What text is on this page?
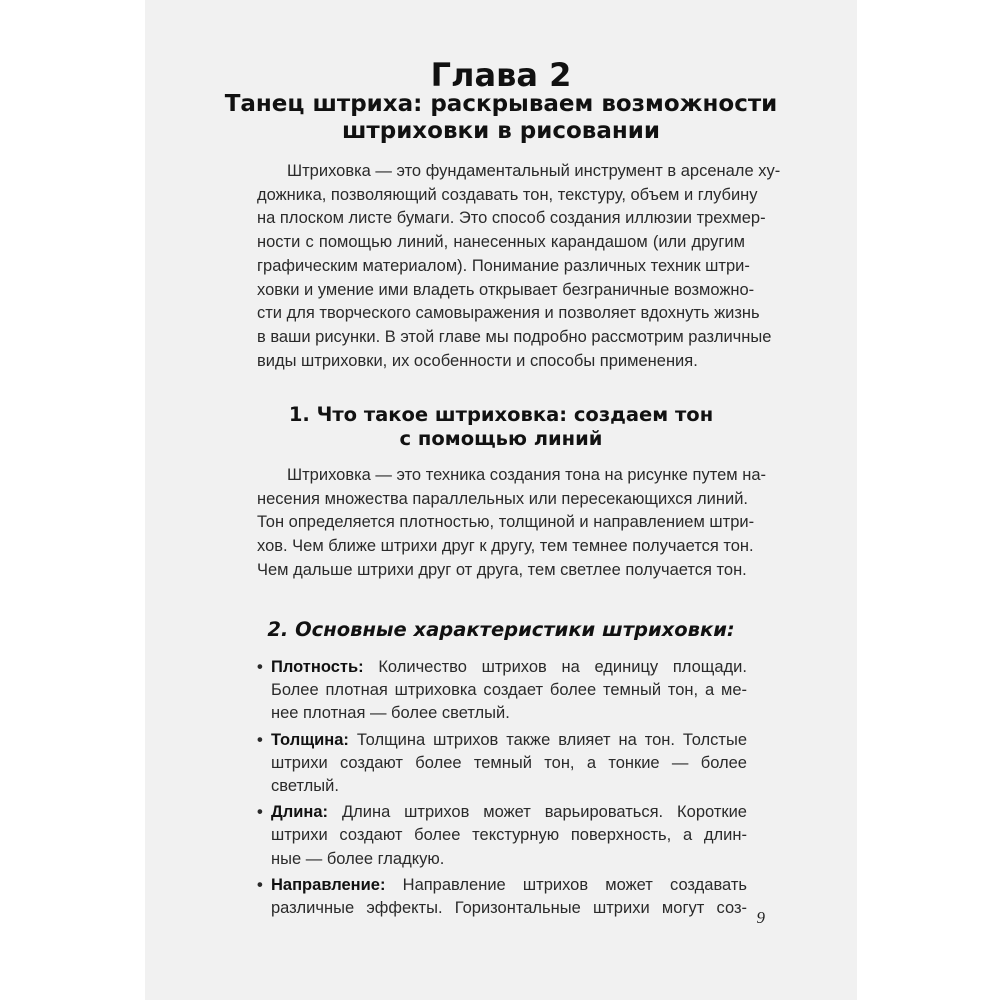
Глава 2
Танец штриха: раскрываем возможности
штриховки в рисовании
Штриховка — это фундаментальный инструмент в арсенале ху-
дожника, позволяющий создавать тон, текстуру, объем и глубину
на плоском листе бумаги. Это способ создания иллюзии трехмер-
ности с помощью линий, нанесенных карандашом (или другим
графическим материалом). Понимание различных техник штри-
ховки и умение ими владеть открывает безграничные возможно-
сти для творческого самовыражения и позволяет вдохнуть жизнь
в ваши рисунки. В этой главе мы подробно рассмотрим различные
виды штриховки, их особенности и способы применения.
1. Что такое штриховка: создаем тон
с помощью линий
Штриховка — это техника создания тона на рисунке путем на-
несения множества параллельных или пересекающихся линий.
Тон определяется плотностью, толщиной и направлением штри-
хов. Чем ближе штрихи друг к другу, тем темнее получается тон.
Чем дальше штрихи друг от друга, тем светлее получается тон.
2. Основные характеристики штриховки:
• Плотность: Количество штрихов на единицу площади.
Более плотная штриховка создает более темный тон, а ме-
нее плотная — более светлый.
• Толщина: Толщина штрихов также влияет на тон. Толстые
штрихи создают более темный тон, а тонкие — более
светлый.
• Длина: Длина штрихов может варьироваться. Короткие
штрихи создают более текстурную поверхность, а длин-
ные — более гладкую.
• Направление: Направление штрихов может создавать
различные эффекты. Горизонтальные штрихи могут соз- 9
